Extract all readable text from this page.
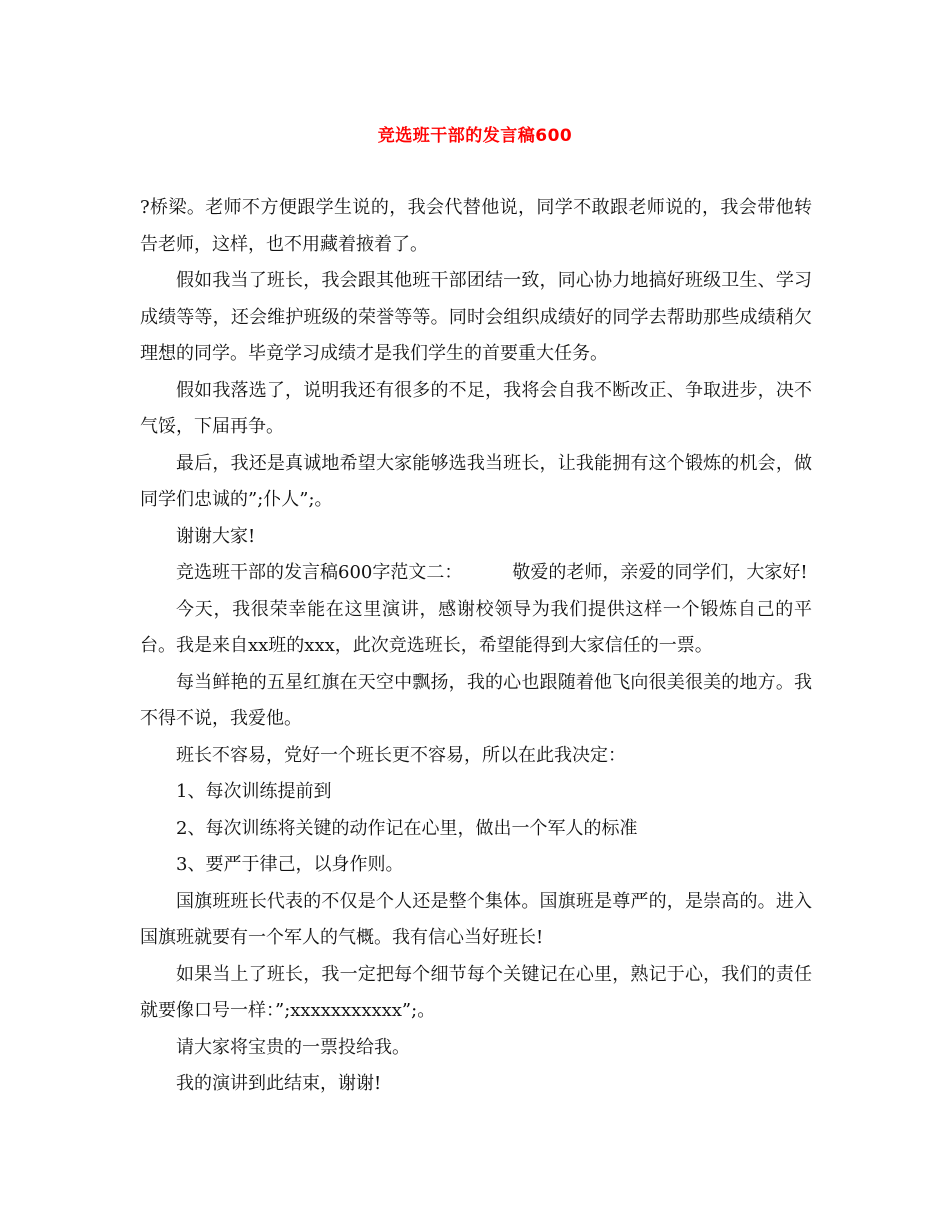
竞选班干部的发言稿600

?桥梁。老师不方便跟学生说的，我会代替他说，同学不敢跟老师说的，我会带他转告老师，这样，也不用藏着掖着了。

假如我当了班长，我会跟其他班干部团结一致，同心协力地搞好班级卫生、学习成绩等等，还会维护班级的荣誉等等。同时会组织成绩好的同学去帮助那些成绩稍欠理想的同学。毕竟学习成绩才是我们学生的首要重大任务。

假如我落选了，说明我还有很多的不足，我将会自我不断改正、争取进步，决不气馁，下届再争。

最后，我还是真诚地希望大家能够选我当班长，让我能拥有这个锻炼的机会，做同学们忠诚的”;仆人”;。

谢谢大家!

竞选班干部的发言稿600字范文二：	敬爱的老师，亲爱的同学们，大家好!

今天，我很荣幸能在这里演讲，感谢校领导为我们提供这样一个锻炼自己的平台。我是来自xx班的xxx，此次竞选班长，希望能得到大家信任的一票。

每当鲜艳的五星红旗在天空中飘扬，我的心也跟随着他飞向很美很美的地方。我不得不说，我爱他。

班长不容易，党好一个班长更不容易，所以在此我决定：

1、每次训练提前到

2、每次训练将关键的动作记在心里，做出一个军人的标准

3、要严于律己，以身作则。

国旗班班长代表的不仅是个人还是整个集体。国旗班是尊严的，是崇高的。进入国旗班就要有一个军人的气概。我有信心当好班长!

如果当上了班长，我一定把每个细节每个关键记在心里，熟记于心，我们的责任就要像口号一样：”;xxxxxxxxxxx”;。

请大家将宝贵的一票投给我。

我的演讲到此结束，谢谢!
